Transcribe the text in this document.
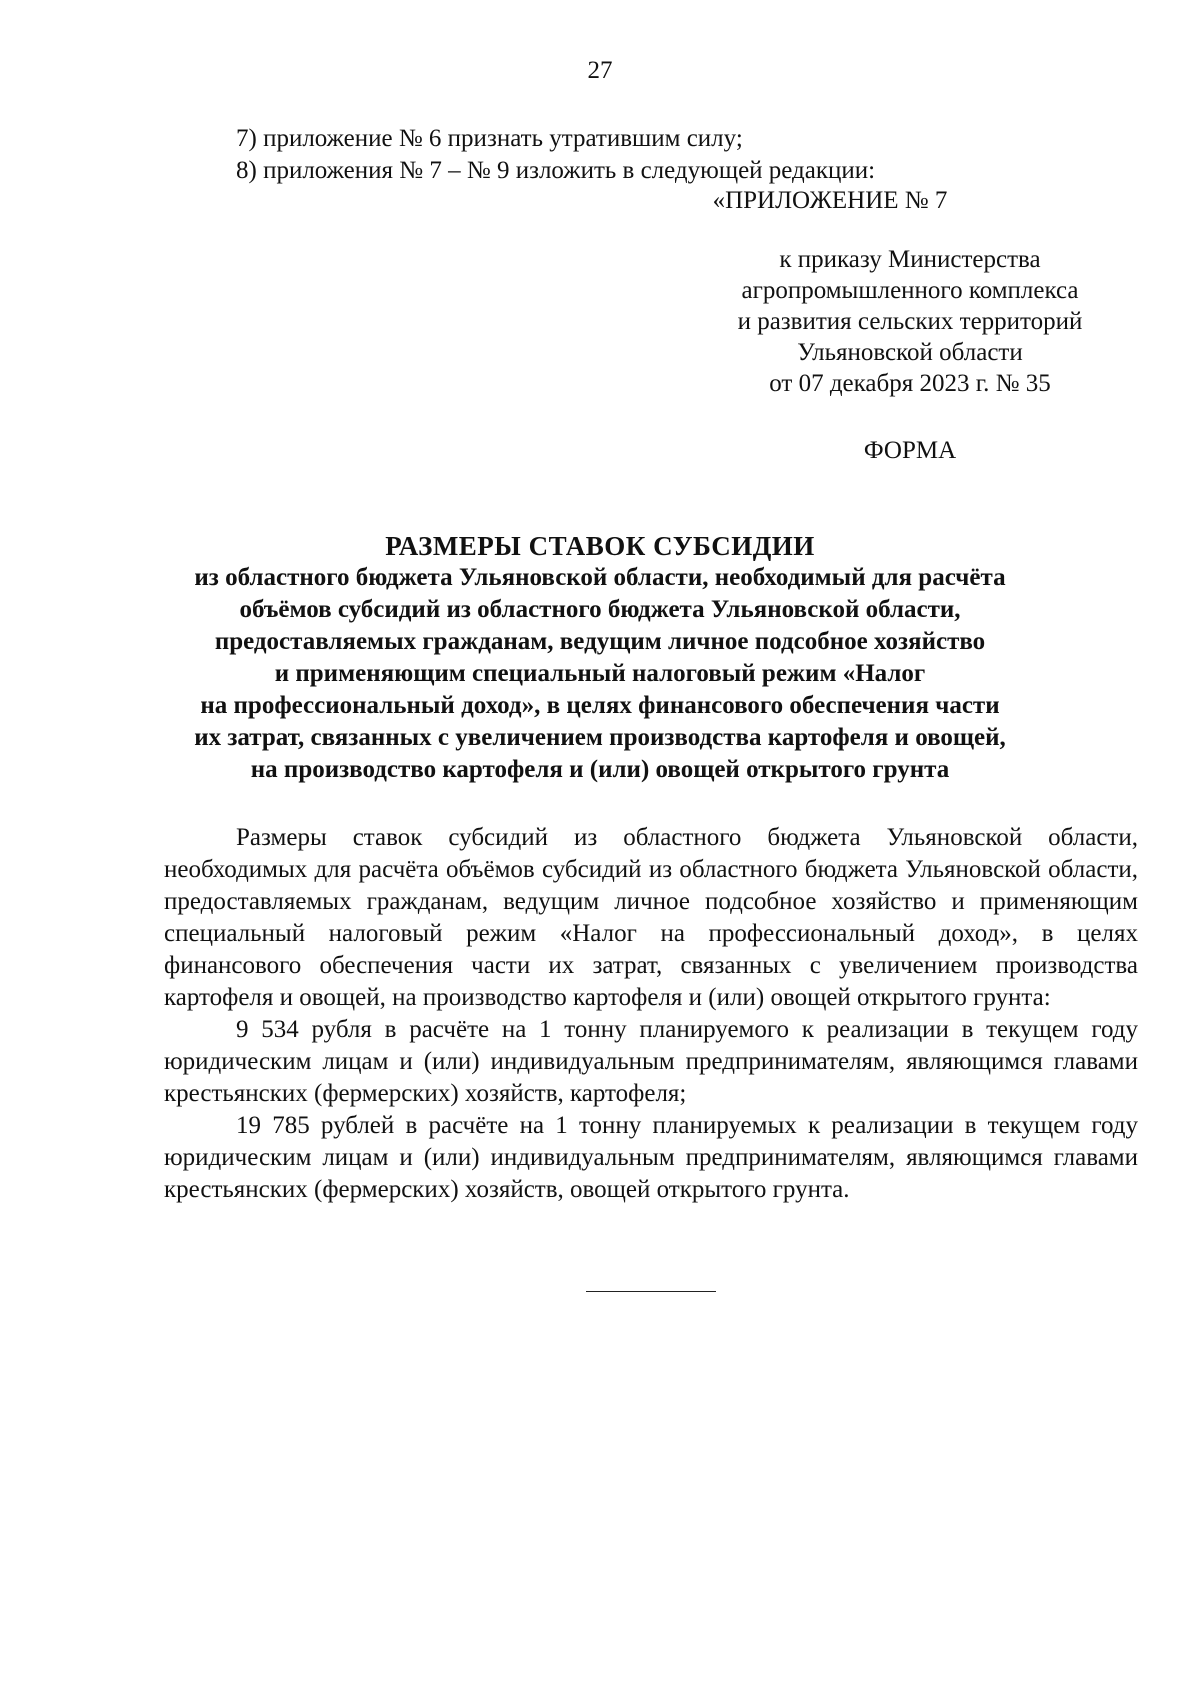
27
7) приложение № 6 признать утратившим силу;
8) приложения № 7 – № 9 изложить в следующей редакции:
«ПРИЛОЖЕНИЕ № 7
к приказу Министерства
агропромышленного комплекса
и развития сельских территорий
Ульяновской области
от 07 декабря 2023 г. № 35
ФОРМА
РАЗМЕРЫ СТАВОК СУБСИДИИ
из областного бюджета Ульяновской области, необходимый для расчёта
объёмов субсидий из областного бюджета Ульяновской области,
предоставляемых гражданам, ведущим личное подсобное хозяйство
и применяющим специальный налоговый режим «Налог
на профессиональный доход», в целях финансового обеспечения части
их затрат, связанных с увеличением производства картофеля и овощей,
на производство картофеля и (или) овощей открытого грунта

Размеры ставок субсидий из областного бюджета Ульяновской области, необходимых для расчёта объёмов субсидий из областного бюджета Ульяновской области, предоставляемых гражданам, ведущим личное подсобное хозяйство и применяющим специальный налоговый режим «Налог на профессиональный доход», в целях финансового обеспечения части их затрат, связанных с увеличением производства картофеля и овощей, на производство картофеля и (или) овощей открытого грунта:

9 534 рубля в расчёте на 1 тонну планируемого к реализации в текущем году юридическим лицам и (или) индивидуальным предпринимателям, являющимся главами крестьянских (фермерских) хозяйств, картофеля;

19 785 рублей в расчёте на 1 тонну планируемых к реализации в текущем году юридическим лицам и (или) индивидуальным предпринимателям, являющимся главами крестьянских (фермерских) хозяйств, овощей открытого грунта.
